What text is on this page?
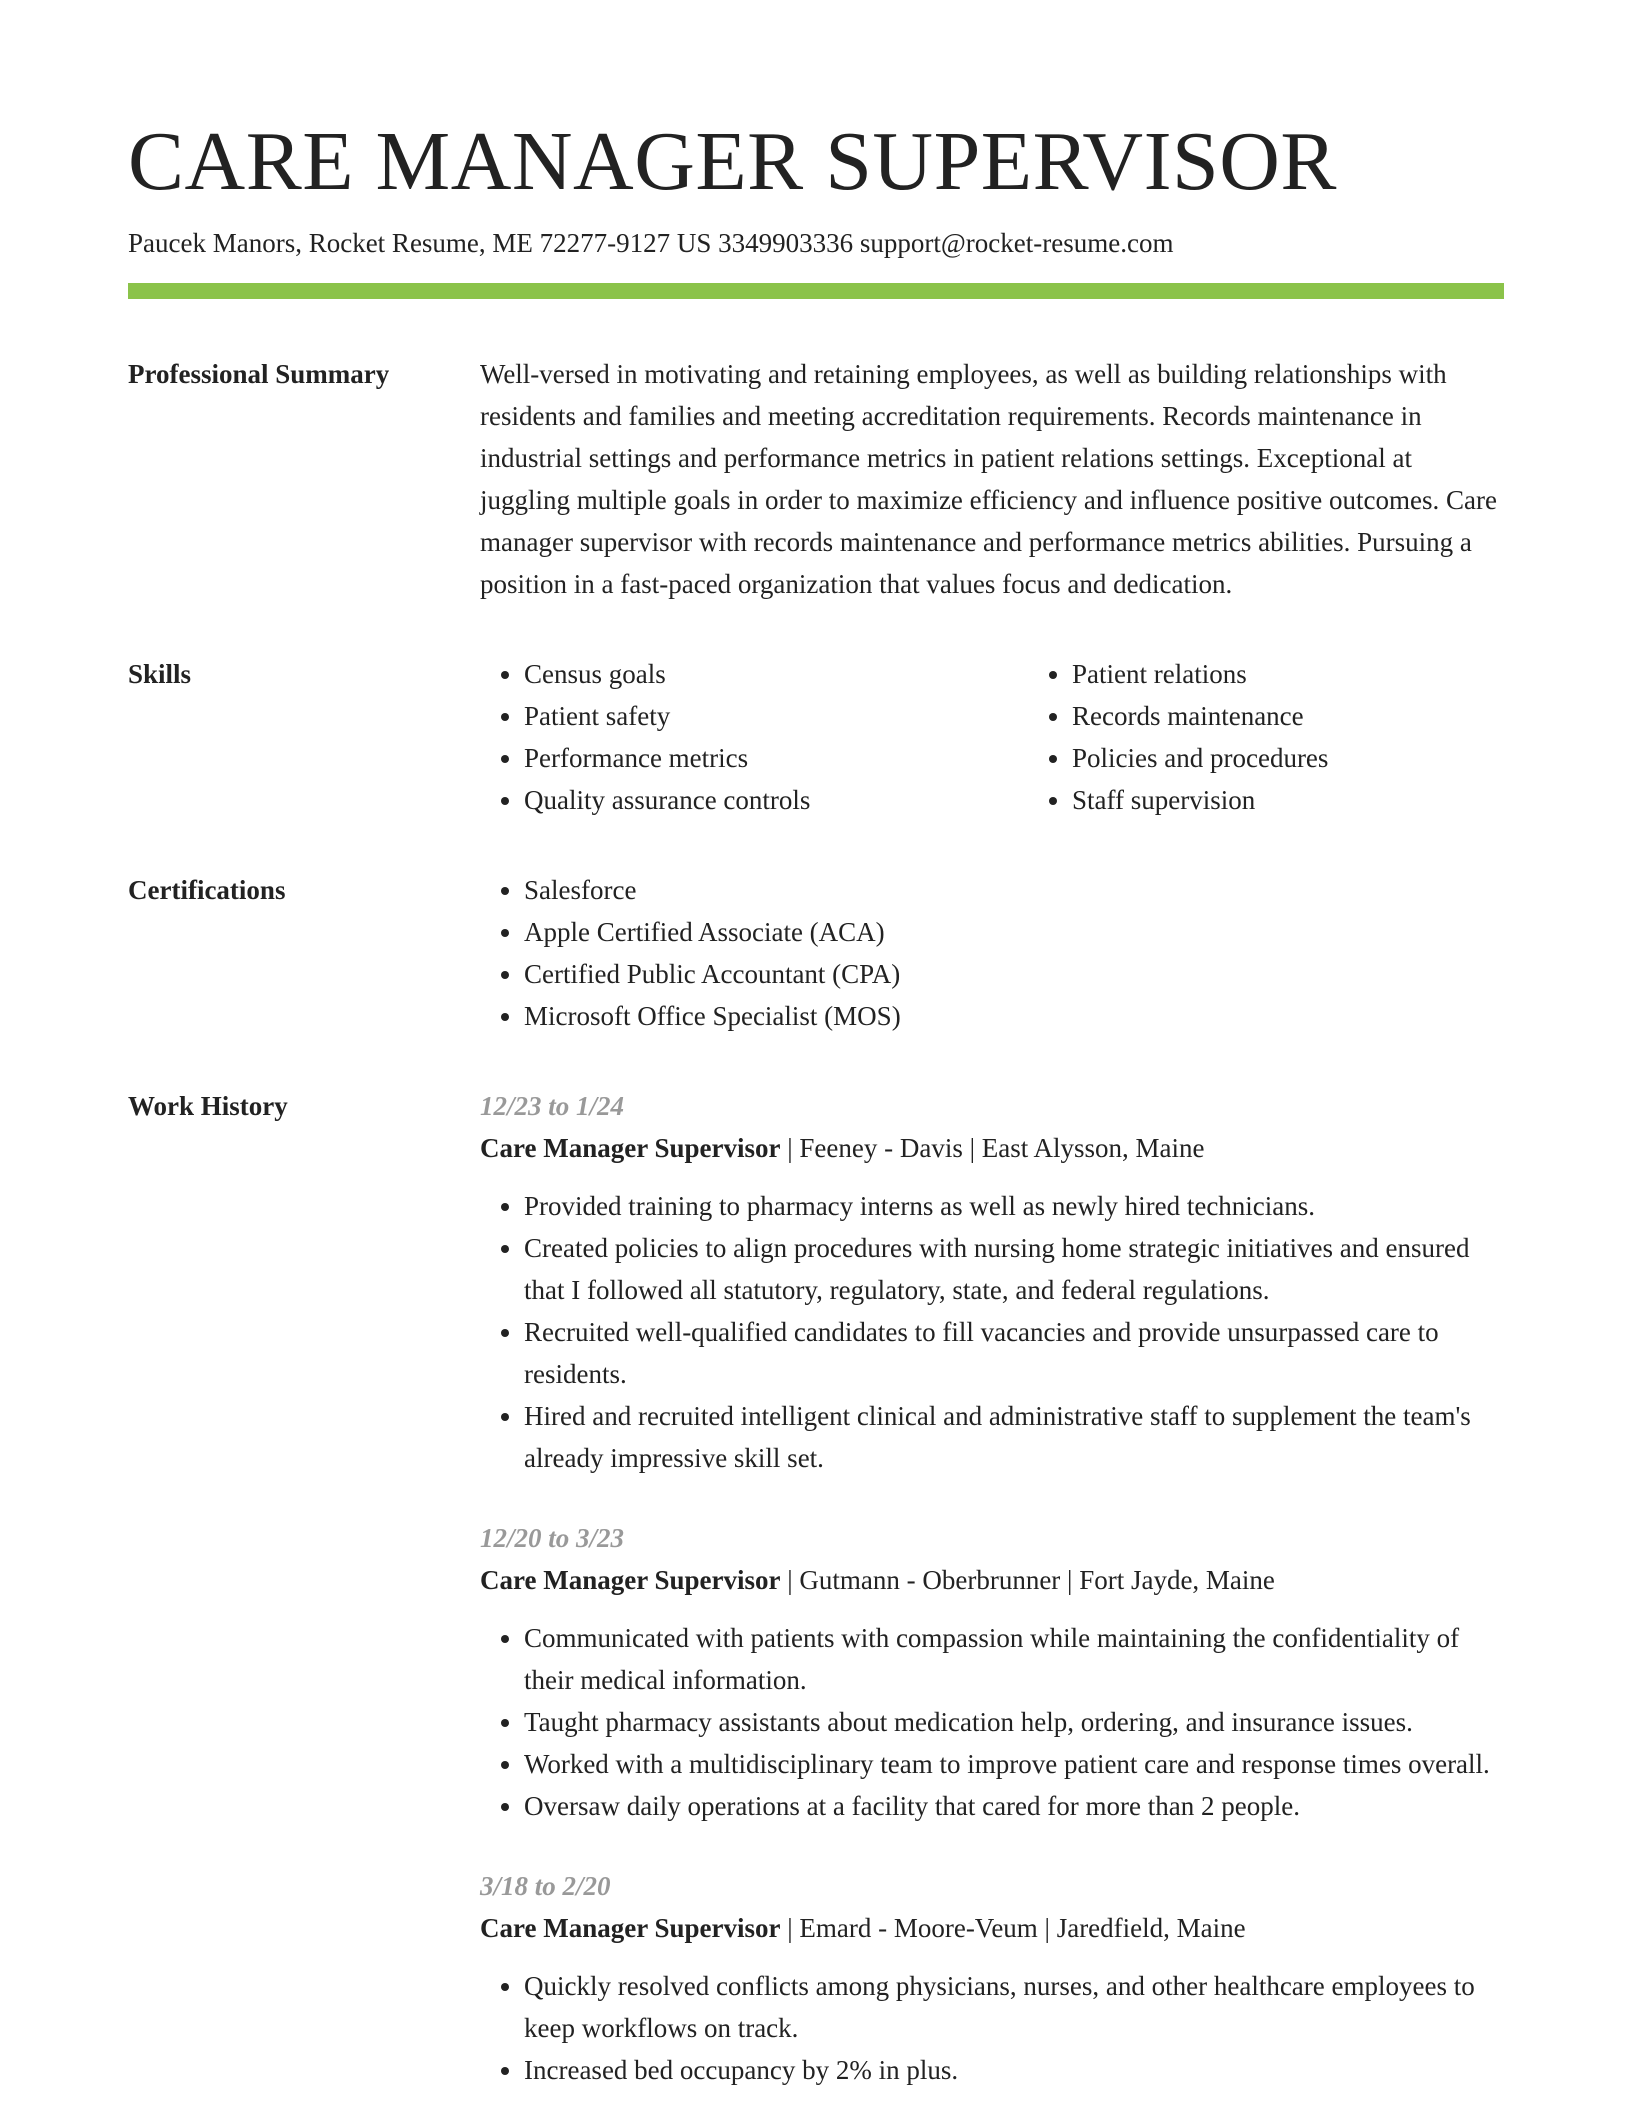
CARE MANAGER SUPERVISOR
Paucek Manors, Rocket Resume, ME 72277-9127 US 3349903336 support@rocket-resume.com
Professional Summary	Well-versed in motivating and retaining employees, as well as building relationships with residents and families and meeting accreditation requirements. Records maintenance in industrial settings and performance metrics in patient relations settings. Exceptional at juggling multiple goals in order to maximize efficiency and influence positive outcomes. Care manager supervisor with records maintenance and performance metrics abilities. Pursuing a position in a fast-paced organization that values focus and dedication.

Skills	• Census goals
• Patient safety
• Performance metrics
• Quality assurance controls
• Patient relations
• Records maintenance
• Policies and procedures
• Staff supervision
Certifications	• Salesforce
• Apple Certified Associate (ACA)
• Certified Public Accountant (CPA)
• Microsoft Office Specialist (MOS)
Work History	12/23 to 1/24
Care Manager Supervisor | Feeney - Davis | East Alysson, Maine
• Provided training to pharmacy interns as well as newly hired technicians.
• Created policies to align procedures with nursing home strategic initiatives and ensured that I followed all statutory, regulatory, state, and federal regulations.
• Recruited well-qualified candidates to fill vacancies and provide unsurpassed care to residents.
• Hired and recruited intelligent clinical and administrative staff to supplement the team's already impressive skill set.
12/20 to 3/23
Care Manager Supervisor | Gutmann - Oberbrunner | Fort Jayde, Maine
• Communicated with patients with compassion while maintaining the confidentiality of their medical information.
• Taught pharmacy assistants about medication help, ordering, and insurance issues.
• Worked with a multidisciplinary team to improve patient care and response times overall.
• Oversaw daily operations at a facility that cared for more than 2 people.
3/18 to 2/20
Care Manager Supervisor | Emard - Moore-Veum | Jaredfield, Maine
• Quickly resolved conflicts among physicians, nurses, and other healthcare employees to keep workflows on track.
• Increased bed occupancy by 2% in plus.
